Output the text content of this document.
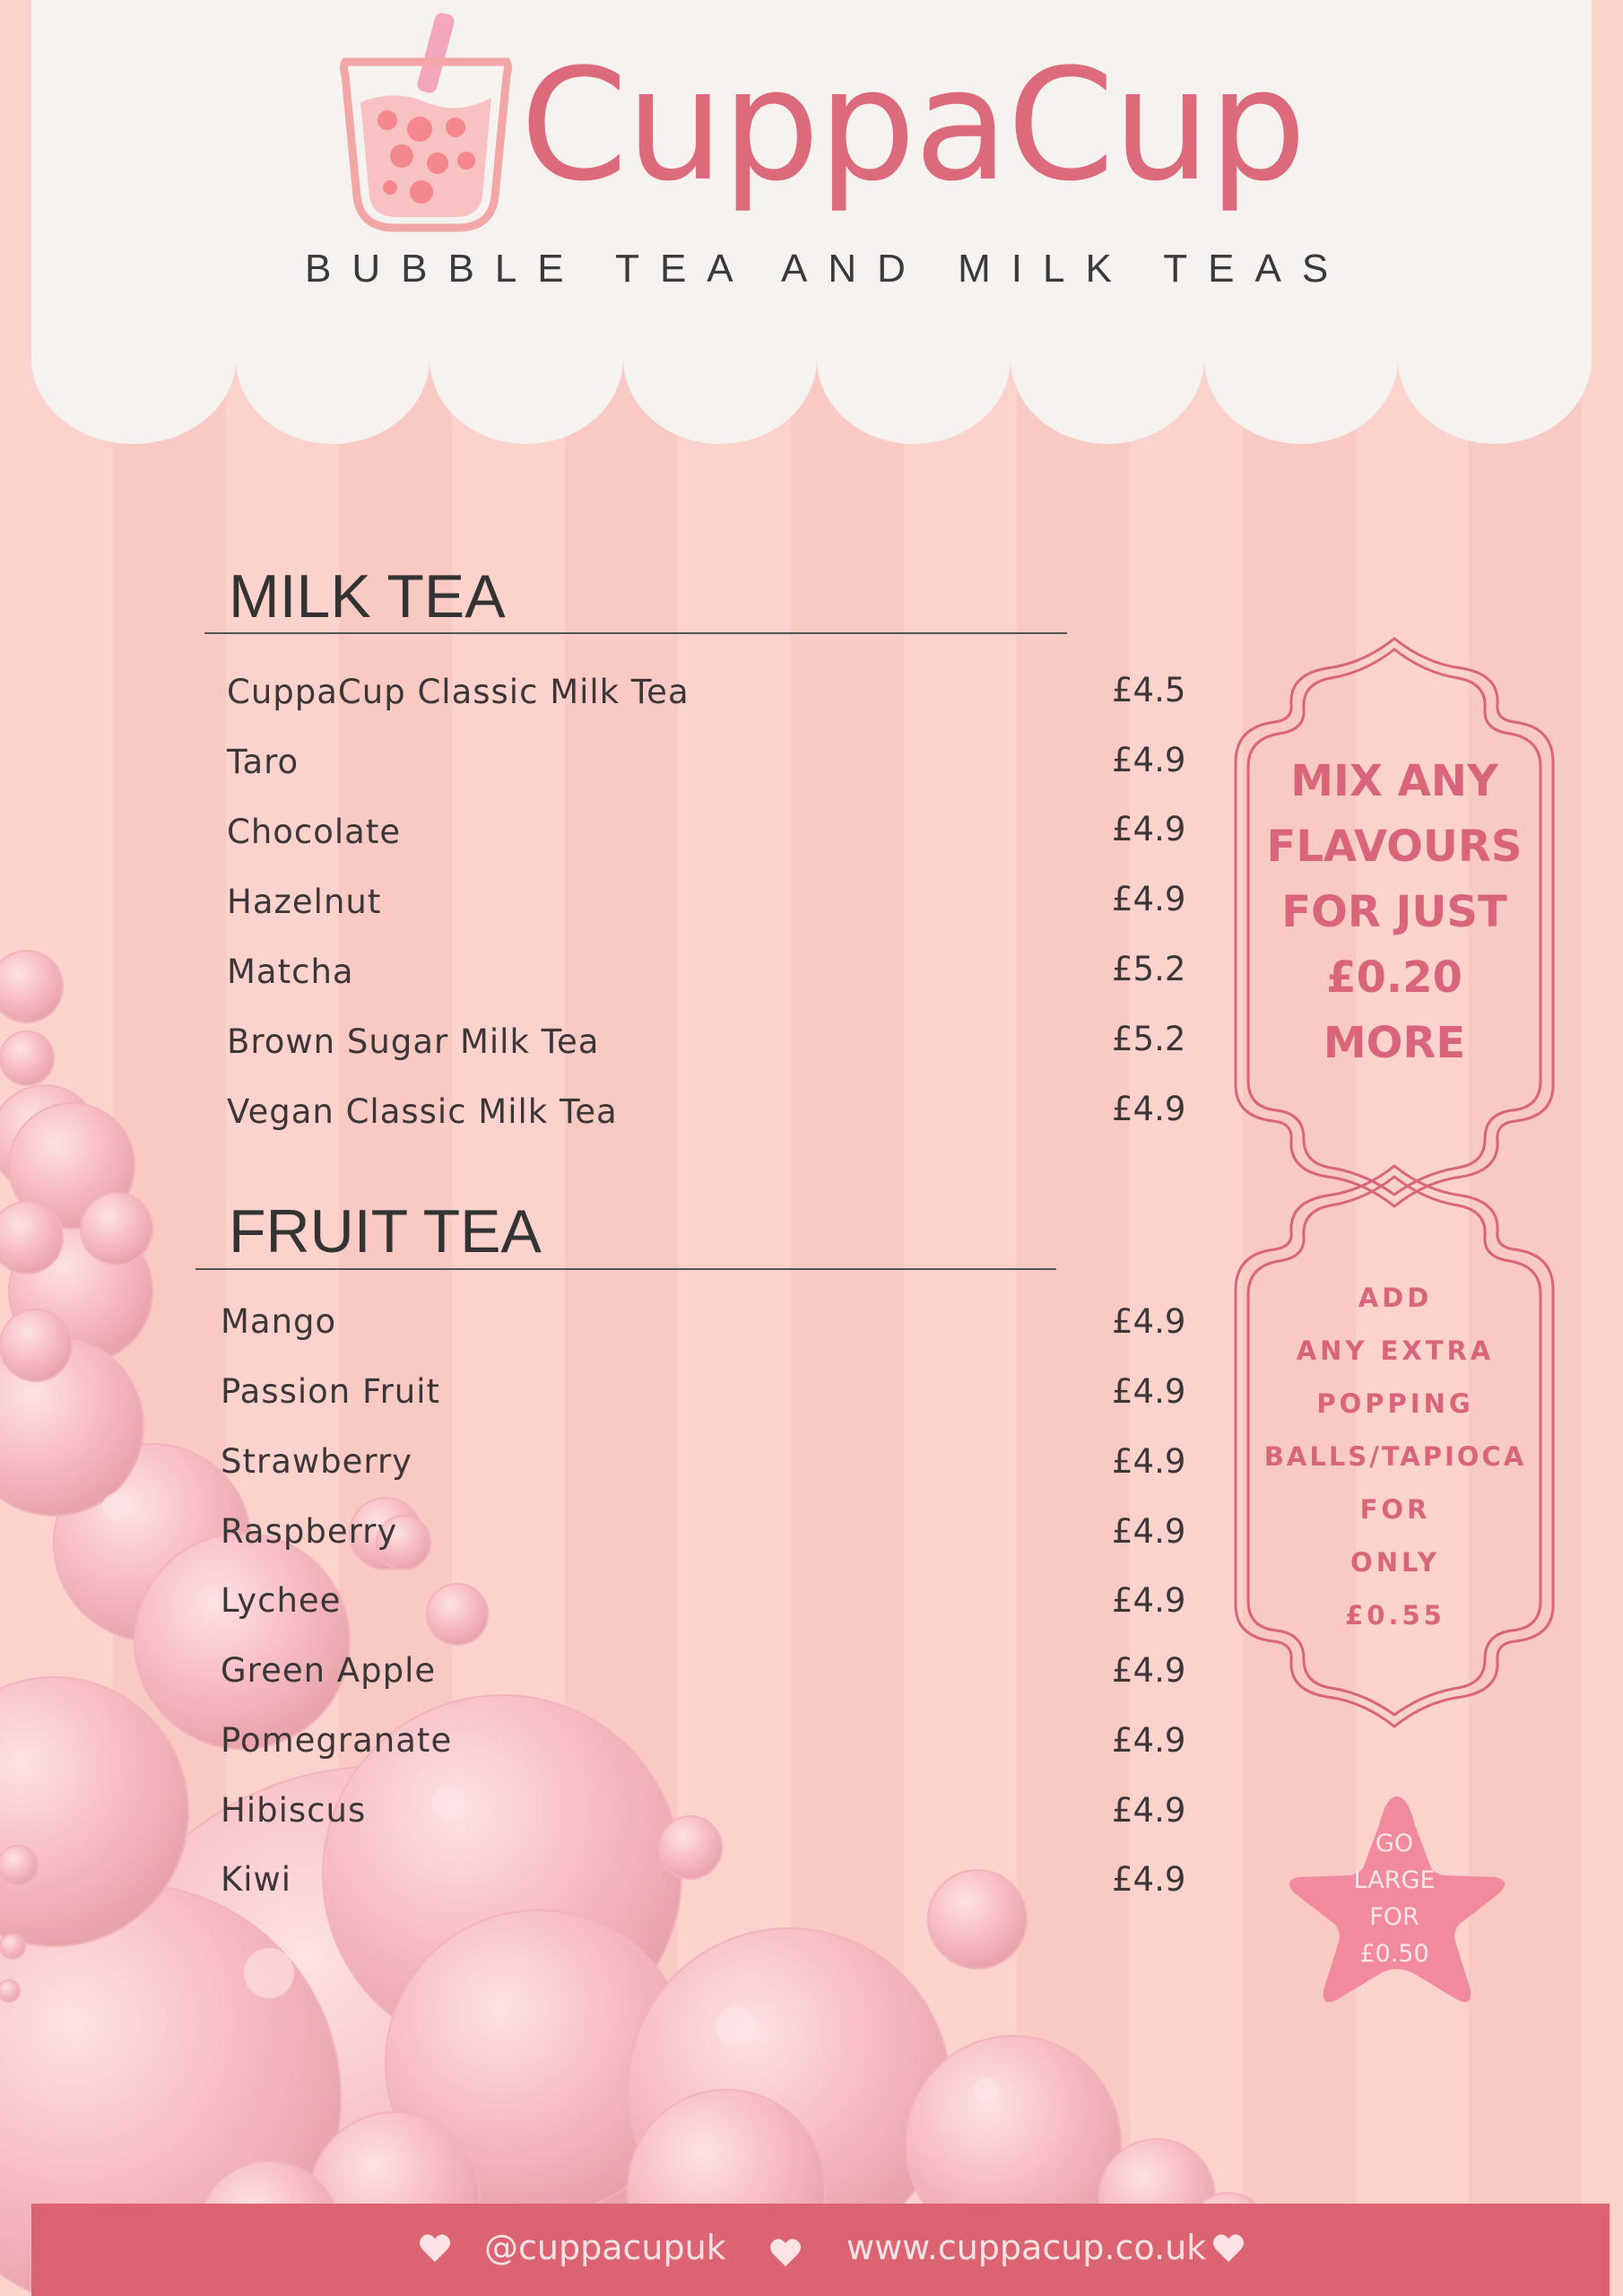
CuppaCup
BUBBLE TEA AND MILK TEAS
MILK TEA
CuppaCup Classic Milk Tea	£4.5
Taro	£4.9
Chocolate	£4.9
Hazelnut	£4.9
Matcha	£5.2
Brown Sugar Milk Tea	£5.2
Vegan Classic Milk Tea	£4.9
FRUIT TEA
Mango	£4.9
Passion Fruit	£4.9
Strawberry	£4.9
Raspberry	£4.9
Lychee	£4.9
Green Apple	£4.9
Pomegranate	£4.9
Hibiscus	£4.9
Kiwi	£4.9
MIX ANY
FLAVOURS
FOR JUST
£0.20
MORE
ADD
ANY EXTRA
POPPING
BALLS/TAPIOCA
FOR
ONLY
£0.55
GO
LARGE
FOR
£0.50
@cuppacupuk	www.cuppacup.co.uk
